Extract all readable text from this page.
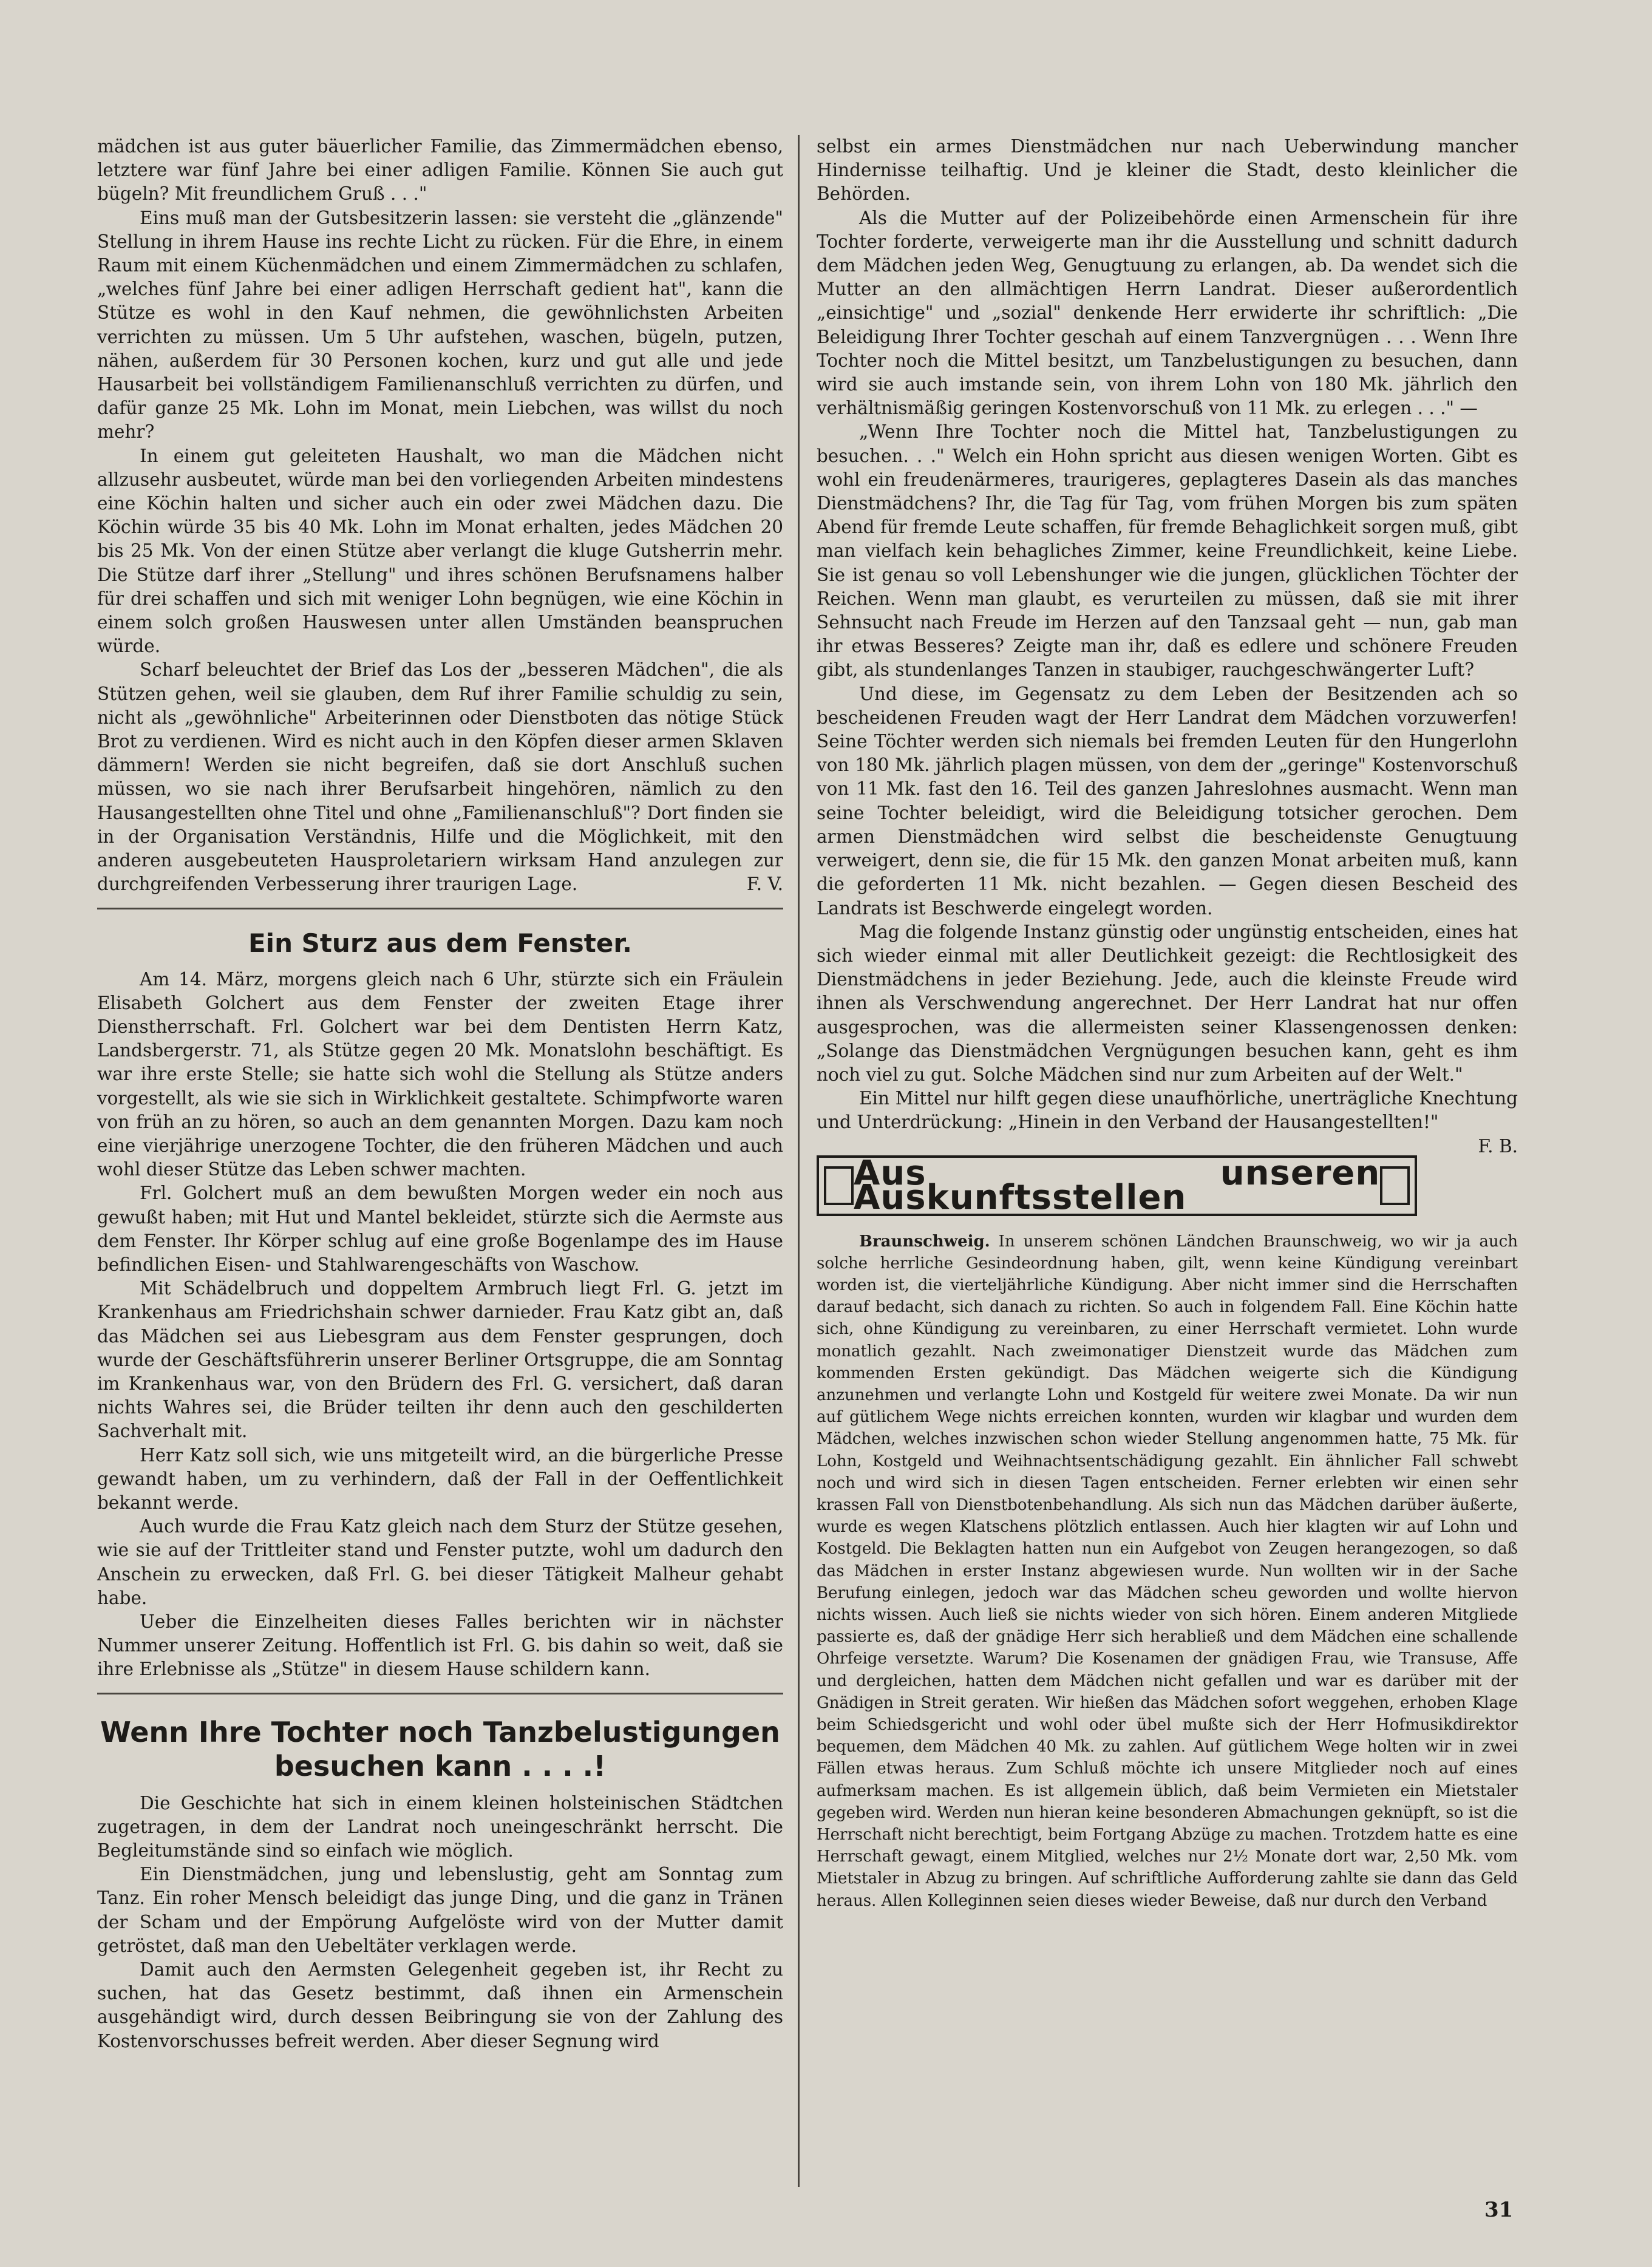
mädchen ist aus guter bäuerlicher Familie, das Zimmermädchen ebenso, letztere war fünf Jahre bei einer adligen Familie. Können Sie auch gut bügeln? Mit freundlichem Gruß . . ."

Eins muß man der Gutsbesitzerin lassen: sie versteht die „glänzende" Stellung in ihrem Hause ins rechte Licht zu rücken. Für die Ehre, in einem Raum mit einem Küchenmädchen und einem Zimmermädchen zu schlafen, „welches fünf Jahre bei einer adligen Herrschaft gedient hat", kann die Stütze es wohl in den Kauf nehmen, die gewöhnlichsten Arbeiten verrichten zu müssen. Um 5 Uhr aufstehen, waschen, bügeln, putzen, nähen, außerdem für 30 Personen kochen, kurz und gut alle und jede Hausarbeit bei vollständigem Familienanschluß verrichten zu dürfen, und dafür ganze 25 Mk. Lohn im Monat, mein Liebchen, was willst du noch mehr?

In einem gut geleiteten Haushalt, wo man die Mädchen nicht allzusehr ausbeutet, würde man bei den vorliegenden Arbeiten mindestens eine Köchin halten und sicher auch ein oder zwei Mädchen dazu. Die Köchin würde 35 bis 40 Mk. Lohn im Monat erhalten, jedes Mädchen 20 bis 25 Mk. Von der einen Stütze aber verlangt die kluge Gutsherrin mehr. Die Stütze darf ihrer „Stellung" und ihres schönen Berufsnamens halber für drei schaffen und sich mit weniger Lohn begnügen, wie eine Köchin in einem solch großen Hauswesen unter allen Umständen beanspruchen würde.

Scharf beleuchtet der Brief das Los der „besseren Mädchen", die als Stützen gehen, weil sie glauben, dem Ruf ihrer Familie schuldig zu sein, nicht als „gewöhnliche" Arbeiterinnen oder Dienstboten das nötige Stück Brot zu verdienen. Wird es nicht auch in den Köpfen dieser armen Sklaven dämmern! Werden sie nicht begreifen, daß sie dort Anschluß suchen müssen, wo sie nach ihrer Berufsarbeit hingehören, nämlich zu den Hausangestellten ohne Titel und ohne „Familienanschluß"? Dort finden sie in der Organisation Verständnis, Hilfe und die Möglichkeit, mit den anderen ausgebeuteten Hausproletariern wirksam Hand anzulegen zur durchgreifenden Verbesserung ihrer traurigen Lage.	F. V.

Ein Sturz aus dem Fenster.

Am 14. März, morgens gleich nach 6 Uhr, stürzte sich ein Fräulein Elisabeth Golchert aus dem Fenster der zweiten Etage ihrer Dienstherrschaft. Frl. Golchert war bei dem Dentisten Herrn Katz, Landsbergerstr. 71, als Stütze gegen 20 Mk. Monatslohn beschäftigt. Es war ihre erste Stelle; sie hatte sich wohl die Stellung als Stütze anders vorgestellt, als wie sie sich in Wirklichkeit gestaltete. Schimpfworte waren von früh an zu hören, so auch an dem genannten Morgen. Dazu kam noch eine vierjährige unerzogene Tochter, die den früheren Mädchen und auch wohl dieser Stütze das Leben schwer machten.

Frl. Golchert muß an dem bewußten Morgen weder ein noch aus gewußt haben; mit Hut und Mantel bekleidet, stürzte sich die Aermste aus dem Fenster. Ihr Körper schlug auf eine große Bogenlampe des im Hause befindlichen Eisen- und Stahlwarengeschäfts von Waschow.

Mit Schädelbruch und doppeltem Armbruch liegt Frl. G. jetzt im Krankenhaus am Friedrichshain schwer darnieder. Frau Katz gibt an, daß das Mädchen sei aus Liebesgram aus dem Fenster gesprungen, doch wurde der Geschäftsführerin unserer Berliner Ortsgruppe, die am Sonntag im Krankenhaus war, von den Brüdern des Frl. G. versichert, daß daran nichts Wahres sei, die Brüder teilten ihr denn auch den geschilderten Sachverhalt mit.

Herr Katz soll sich, wie uns mitgeteilt wird, an die bürgerliche Presse gewandt haben, um zu verhindern, daß der Fall in der Oeffentlichkeit bekannt werde.

Auch wurde die Frau Katz gleich nach dem Sturz der Stütze gesehen, wie sie auf der Trittleiter stand und Fenster putzte, wohl um dadurch den Anschein zu erwecken, daß Frl. G. bei dieser Tätigkeit Malheur gehabt habe.

Ueber die Einzelheiten dieses Falles berichten wir in nächster Nummer unserer Zeitung. Hoffentlich ist Frl. G. bis dahin so weit, daß sie ihre Erlebnisse als „Stütze" in diesem Hause schildern kann.

Wenn Ihre Tochter noch Tanzbelustigungen
besuchen kann . . . .!

Die Geschichte hat sich in einem kleinen holsteinischen Städtchen zugetragen, in dem der Landrat noch uneingeschränkt herrscht. Die Begleitumstände sind so einfach wie möglich.

Ein Dienstmädchen, jung und lebenslustig, geht am Sonntag zum Tanz. Ein roher Mensch beleidigt das junge Ding, und die ganz in Tränen der Scham und der Empörung Aufgelöste wird von der Mutter damit getröstet, daß man den Uebeltäter verklagen werde.

Damit auch den Aermsten Gelegenheit gegeben ist, ihr Recht zu suchen, hat das Gesetz bestimmt, daß ihnen ein Armenschein ausgehändigt wird, durch dessen Beibringung sie von der Zahlung des Kostenvorschusses befreit werden. Aber dieser Segnung wird

selbst ein armes Dienstmädchen nur nach Ueberwindung mancher Hindernisse teilhaftig. Und je kleiner die Stadt, desto kleinlicher die Behörden.

Als die Mutter auf der Polizeibehörde einen Armenschein für ihre Tochter forderte, verweigerte man ihr die Ausstellung und schnitt dadurch dem Mädchen jeden Weg, Genugtuung zu erlangen, ab. Da wendet sich die Mutter an den allmächtigen Herrn Landrat. Dieser außerordentlich „einsichtige" und „sozial" denkende Herr erwiderte ihr schriftlich: „Die Beleidigung Ihrer Tochter geschah auf einem Tanzvergnügen . . . Wenn Ihre Tochter noch die Mittel besitzt, um Tanzbelustigungen zu besuchen, dann wird sie auch imstande sein, von ihrem Lohn von 180 Mk. jährlich den verhältnismäßig geringen Kostenvorschuß von 11 Mk. zu erlegen . . ." —

„Wenn Ihre Tochter noch die Mittel hat, Tanzbelustigungen zu besuchen. . ." Welch ein Hohn spricht aus diesen wenigen Worten. Gibt es wohl ein freudenärmeres, traurigeres, geplagteres Dasein als das manches Dienstmädchens? Ihr, die Tag für Tag, vom frühen Morgen bis zum späten Abend für fremde Leute schaffen, für fremde Behaglichkeit sorgen muß, gibt man vielfach kein behagliches Zimmer, keine Freundlichkeit, keine Liebe. Sie ist genau so voll Lebenshunger wie die jungen, glücklichen Töchter der Reichen. Wenn man glaubt, es verurteilen zu müssen, daß sie mit ihrer Sehnsucht nach Freude im Herzen auf den Tanzsaal geht — nun, gab man ihr etwas Besseres? Zeigte man ihr, daß es edlere und schönere Freuden gibt, als stundenlanges Tanzen in staubiger, rauchgeschwängerter Luft?

Und diese, im Gegensatz zu dem Leben der Besitzenden ach so bescheidenen Freuden wagt der Herr Landrat dem Mädchen vorzuwerfen! Seine Töchter werden sich niemals bei fremden Leuten für den Hungerlohn von 180 Mk. jährlich plagen müssen, von dem der „geringe" Kostenvorschuß von 11 Mk. fast den 16. Teil des ganzen Jahreslohnes ausmacht. Wenn man seine Tochter beleidigt, wird die Beleidigung totsicher gerochen. Dem armen Dienstmädchen wird selbst die bescheidenste Genugtuung verweigert, denn sie, die für 15 Mk. den ganzen Monat arbeiten muß, kann die geforderten 11 Mk. nicht bezahlen. — Gegen diesen Bescheid des Landrats ist Beschwerde eingelegt worden.

Mag die folgende Instanz günstig oder ungünstig entscheiden, eines hat sich wieder einmal mit aller Deutlichkeit gezeigt: die Rechtlosigkeit des Dienstmädchens in jeder Beziehung. Jede, auch die kleinste Freude wird ihnen als Verschwendung angerechnet. Der Herr Landrat hat nur offen ausgesprochen, was die allermeisten seiner Klassengenossen denken: „Solange das Dienstmädchen Vergnügungen besuchen kann, geht es ihm noch viel zu gut. Solche Mädchen sind nur zum Arbeiten auf der Welt."

Ein Mittel nur hilft gegen diese unaufhörliche, unerträgliche Knechtung und Unterdrückung: „Hinein in den Verband der Hausangestellten!"
F. B.

Aus unseren Auskunftsstellen

Braunschweig. In unserem schönen Ländchen Braunschweig, wo wir ja auch solche herrliche Gesindeordnung haben, gilt, wenn keine Kündigung vereinbart worden ist, die vierteljährliche Kündigung. Aber nicht immer sind die Herrschaften darauf bedacht, sich danach zu richten. So auch in folgendem Fall. Eine Köchin hatte sich, ohne Kündigung zu vereinbaren, zu einer Herrschaft vermietet. Lohn wurde monatlich gezahlt. Nach zweimonatiger Dienstzeit wurde das Mädchen zum kommenden Ersten gekündigt. Das Mädchen weigerte sich die Kündigung anzunehmen und verlangte Lohn und Kostgeld für weitere zwei Monate. Da wir nun auf gütlichem Wege nichts erreichen konnten, wurden wir klagbar und wurden dem Mädchen, welches inzwischen schon wieder Stellung angenommen hatte, 75 Mk. für Lohn, Kostgeld und Weihnachtsentschädigung gezahlt. Ein ähnlicher Fall schwebt noch und wird sich in diesen Tagen entscheiden. Ferner erlebten wir einen sehr krassen Fall von Dienstbotenbehandlung. Als sich nun das Mädchen darüber äußerte, wurde es wegen Klatschens plötzlich entlassen. Auch hier klagten wir auf Lohn und Kostgeld. Die Beklagten hatten nun ein Aufgebot von Zeugen herangezogen, so daß das Mädchen in erster Instanz abgewiesen wurde. Nun wollten wir in der Sache Berufung einlegen, jedoch war das Mädchen scheu geworden und wollte hiervon nichts wissen. Auch ließ sie nichts wieder von sich hören. Einem anderen Mitgliede passierte es, daß der gnädige Herr sich herabließ und dem Mädchen eine schallende Ohrfeige versetzte. Warum? Die Kosenamen der gnädigen Frau, wie Transuse, Affe und dergleichen, hatten dem Mädchen nicht gefallen und war es darüber mit der Gnädigen in Streit geraten. Wir hießen das Mädchen sofort weggehen, erhoben Klage beim Schiedsgericht und wohl oder übel mußte sich der Herr Hofmusikdirektor bequemen, dem Mädchen 40 Mk. zu zahlen. Auf gütlichem Wege holten wir in zwei Fällen etwas heraus. Zum Schluß möchte ich unsere Mitglieder noch auf eines aufmerksam machen. Es ist allgemein üblich, daß beim Vermieten ein Mietstaler gegeben wird. Werden nun hieran keine besonderen Abmachungen geknüpft, so ist die Herrschaft nicht berechtigt, beim Fortgang Abzüge zu machen. Trotzdem hatte es eine Herrschaft gewagt, einem Mitglied, welches nur 2½ Monate dort war, 2,50 Mk. vom Mietstaler in Abzug zu bringen. Auf schriftliche Aufforderung zahlte sie dann das Geld heraus. Allen Kolleginnen seien dieses wieder Beweise, daß nur durch den Verband

31
